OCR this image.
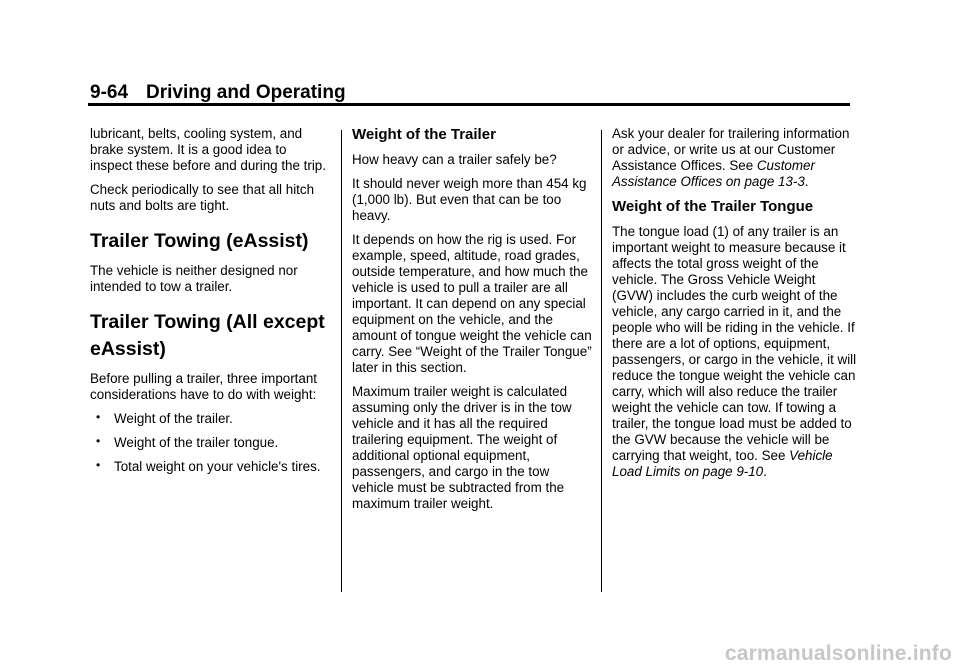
9-64 Driving and Operating

lubricant, belts, cooling system, and brake system. It is a good idea to inspect these before and during the trip.

Check periodically to see that all hitch nuts and bolts are tight.

Trailer Towing (eAssist)

The vehicle is neither designed nor intended to tow a trailer.

Trailer Towing (All except eAssist)

Before pulling a trailer, three important considerations have to do with weight:

• Weight of the trailer.
• Weight of the trailer tongue.
• Total weight on your vehicle's tires.
Weight of the Trailer

How heavy can a trailer safely be?

It should never weigh more than 454 kg (1,000 lb). But even that can be too heavy.

It depends on how the rig is used. For example, speed, altitude, road grades, outside temperature, and how much the vehicle is used to pull a trailer are all important. It can depend on any special equipment on the vehicle, and the amount of tongue weight the vehicle can carry. See “Weight of the Trailer Tongue” later in this section.

Maximum trailer weight is calculated assuming only the driver is in the tow vehicle and it has all the required trailering equipment. The weight of additional optional equipment, passengers, and cargo in the tow vehicle must be subtracted from the maximum trailer weight.

Ask your dealer for trailering information or advice, or write us at our Customer Assistance Offices. See Customer Assistance Offices on page 13-3.

Weight of the Trailer Tongue

The tongue load (1) of any trailer is an important weight to measure because it affects the total gross weight of the vehicle. The Gross Vehicle Weight (GVW) includes the curb weight of the vehicle, any cargo carried in it, and the people who will be riding in the vehicle. If there are a lot of options, equipment, passengers, or cargo in the vehicle, it will reduce the tongue weight the vehicle can carry, which will also reduce the trailer weight the vehicle can tow. If towing a trailer, the tongue load must be added to the GVW because the vehicle will be carrying that weight, too. See Vehicle Load Limits on page 9-10.

carmanualsonline.info
